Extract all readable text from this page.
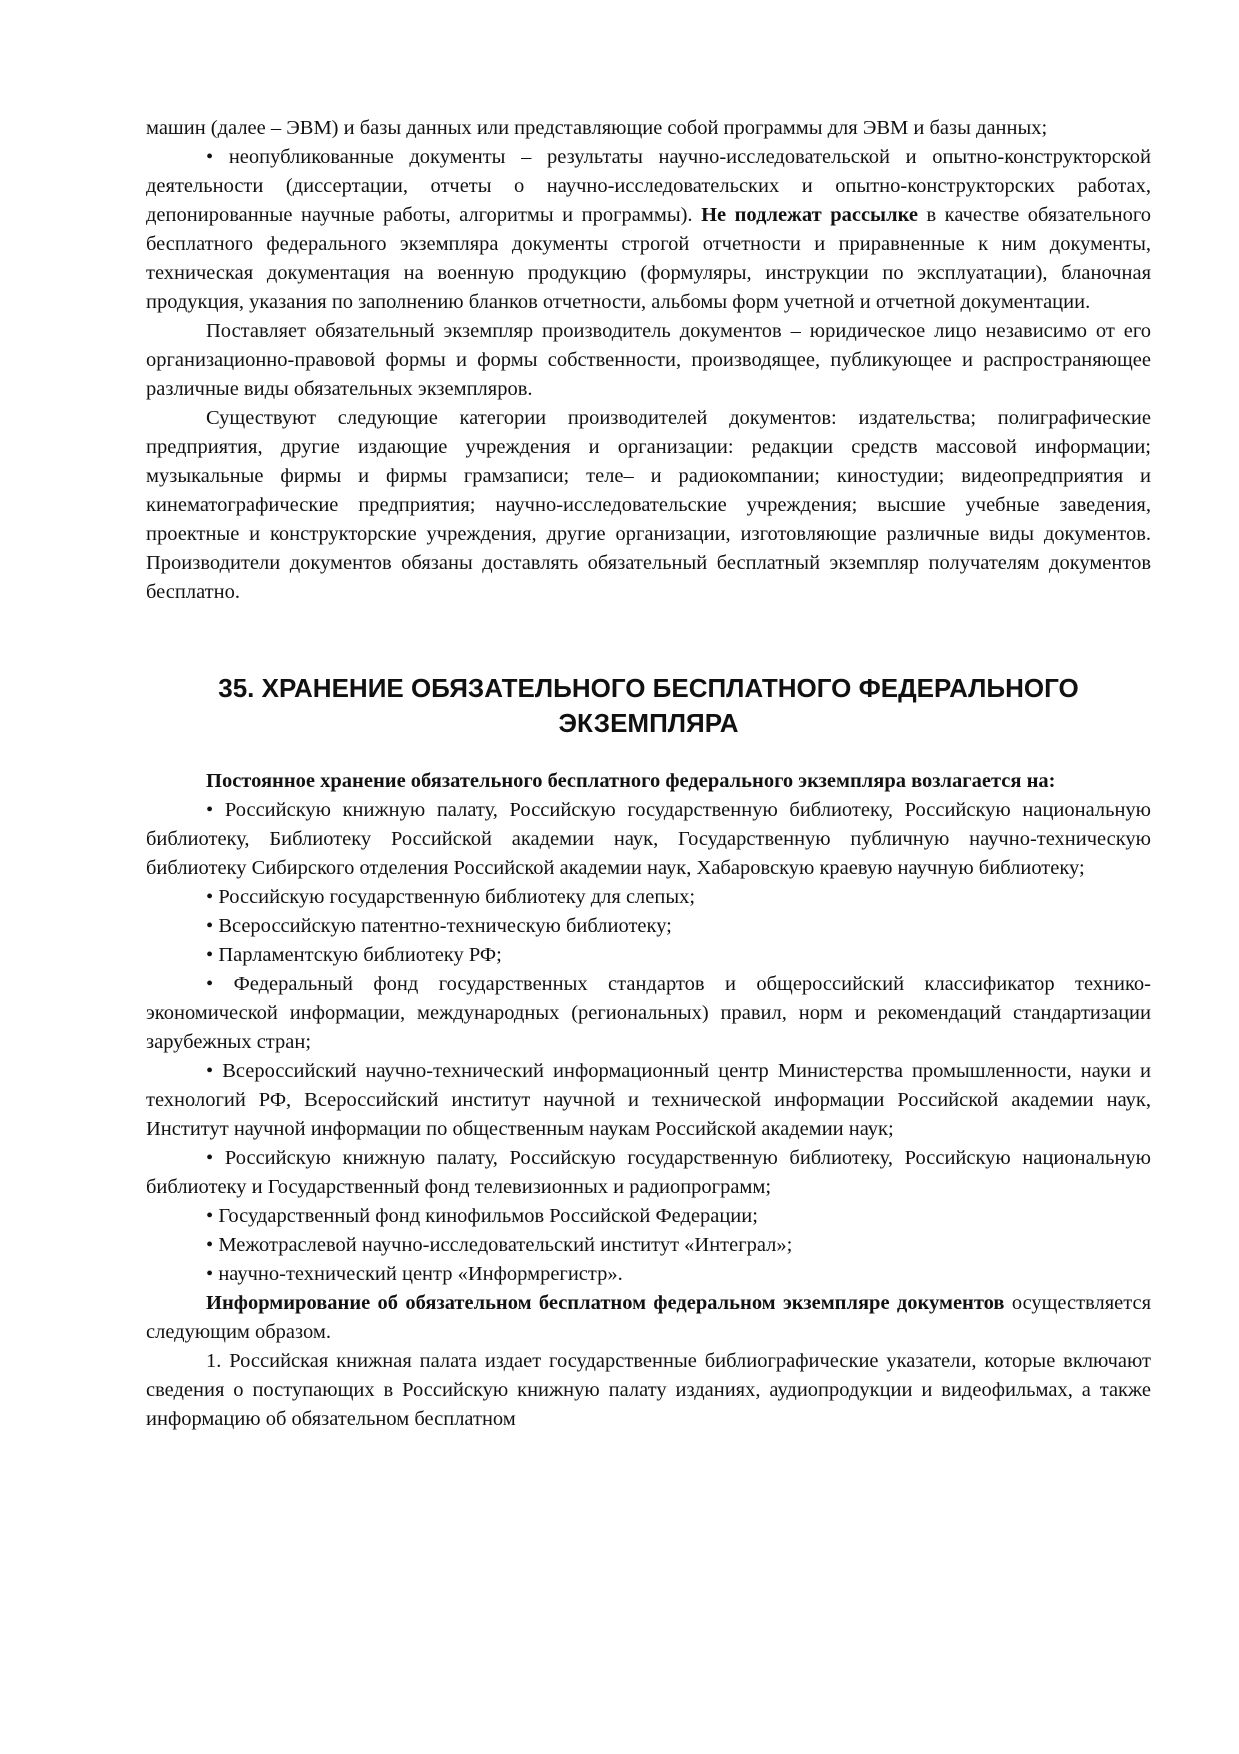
машин (далее – ЭВМ) и базы данных или представляющие собой программы для ЭВМ и базы данных;

• неопубликованные документы – результаты научно-исследовательской и опытно-конструкторской деятельности (диссертации, отчеты о научно-исследовательских и опытно-конструкторских работах, депонированные научные работы, алгоритмы и программы). Не подлежат рассылке в качестве обязательного бесплатного федерального экземпляра документы строгой отчетности и приравненные к ним документы, техническая документация на военную продукцию (формуляры, инструкции по эксплуатации), бланочная продукция, указания по заполнению бланков отчетности, альбомы форм учетной и отчетной документации.

Поставляет обязательный экземпляр производитель документов – юридическое лицо независимо от его организационно-правовой формы и формы собственности, производящее, публикующее и распространяющее различные виды обязательных экземпляров.

Существуют следующие категории производителей документов: издательства; полиграфические предприятия, другие издающие учреждения и организации: редакции средств массовой информации; музыкальные фирмы и фирмы грамзаписи; теле– и радиокомпании; киностудии; видеопредприятия и кинематографические предприятия; научно-исследовательские учреждения; высшие учебные заведения, проектные и конструкторские учреждения, другие организации, изготовляющие различные виды документов. Производители документов обязаны доставлять обязательный бесплатный экземпляр получателям документов бесплатно.

35. ХРАНЕНИЕ ОБЯЗАТЕЛЬНОГО БЕСПЛАТНОГО ФЕДЕРАЛЬНОГО
ЭКЗЕМПЛЯРА

Постоянное хранение обязательного бесплатного федерального экземпляра возлагается на:

• Российскую книжную палату, Российскую государственную библиотеку, Российскую национальную библиотеку, Библиотеку Российской академии наук, Государственную публичную научно-техническую библиотеку Сибирского отделения Российской академии наук, Хабаровскую краевую научную библиотеку;

• Российскую государственную библиотеку для слепых;

• Всероссийскую патентно-техническую библиотеку;

• Парламентскую библиотеку РФ;

• Федеральный фонд государственных стандартов и общероссийский классификатор технико-экономической информации, международных (региональных) правил, норм и рекомендаций стандартизации зарубежных стран;

• Всероссийский научно-технический информационный центр Министерства промышленности, науки и технологий РФ, Всероссийский институт научной и технической информации Российской академии наук, Институт научной информации по общественным наукам Российской академии наук;

• Российскую книжную палату, Российскую государственную библиотеку, Российскую национальную библиотеку и Государственный фонд телевизионных и радиопрограмм;

• Государственный фонд кинофильмов Российской Федерации;

• Межотраслевой научно-исследовательский институт «Интеграл»;

• научно-технический центр «Информрегистр».

Информирование об обязательном бесплатном федеральном экземпляре документов осуществляется следующим образом.

1. Российская книжная палата издает государственные библиографические указатели, которые включают сведения о поступающих в Российскую книжную палату изданиях, аудиопродукции и видеофильмах, а также информацию об обязательном бесплатном
